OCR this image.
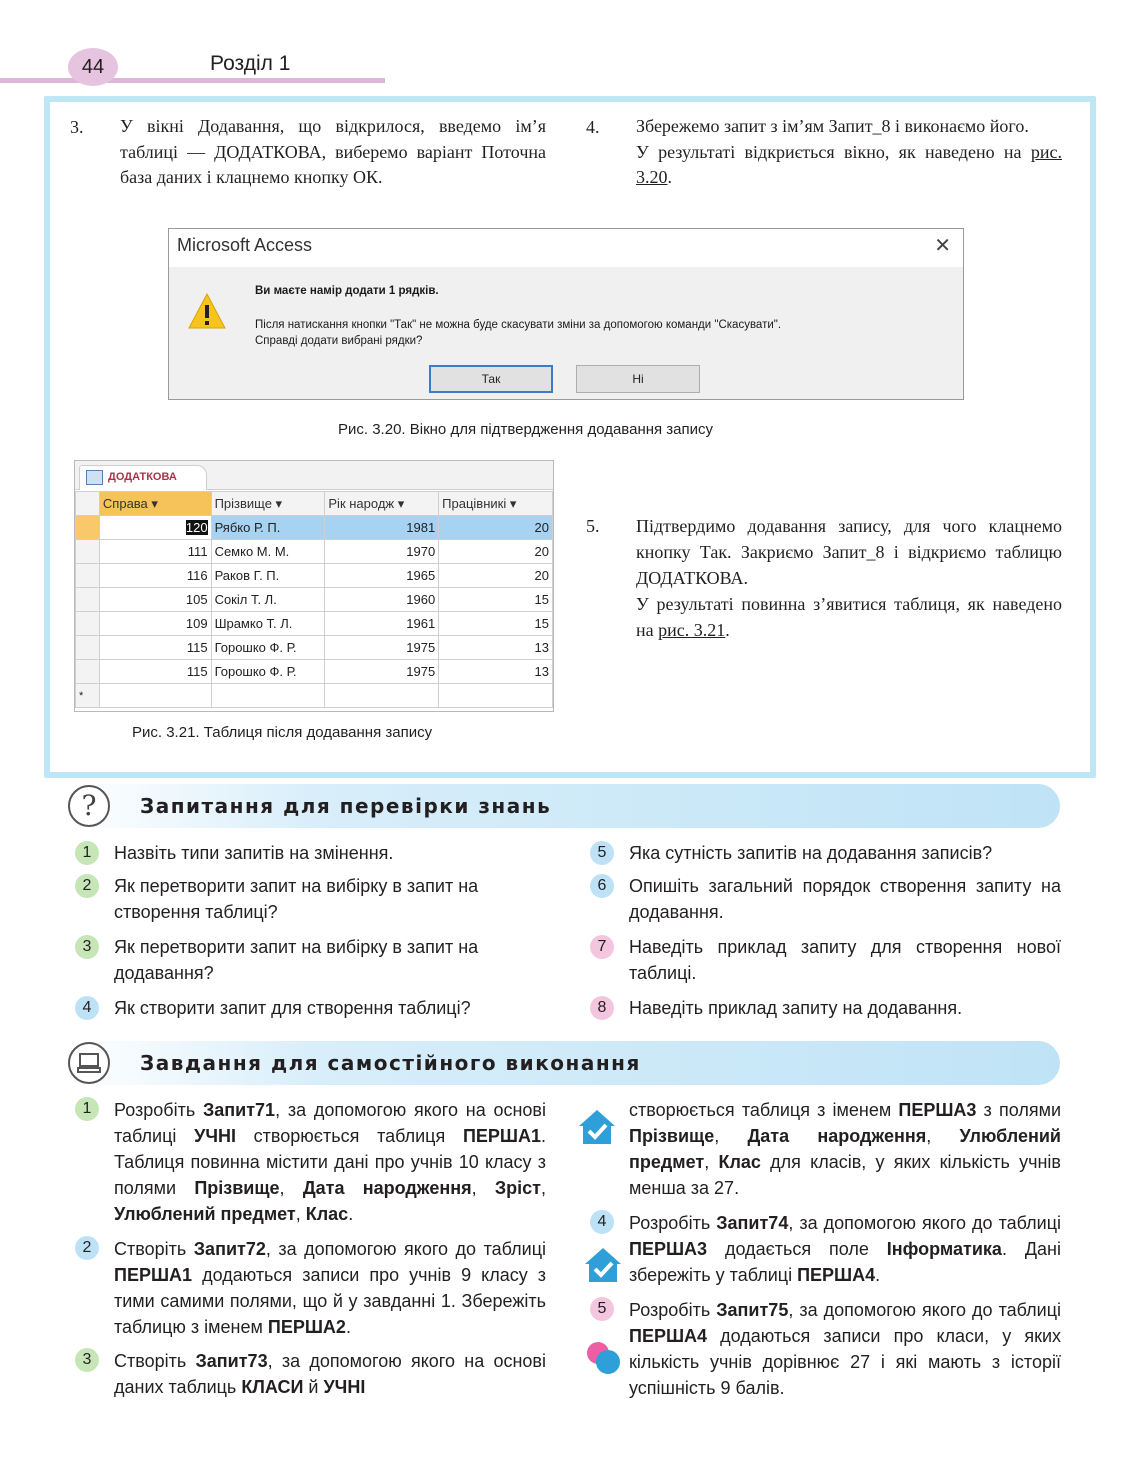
44	Розділ 1
3. У вікні Додавання, що відкрилося, введемо ім’я таблиці — ДОДАТКОВА, виберемо варіант Поточна база даних і клацнемо кнопку ОК.
4. Збережемо запит з ім’ям Запит_8 і виконаємо його.
У результаті відкриється вікно, як наведено на рис. 3.20.
Microsoft Access	✕
Ви маєте намір додати 1 рядків.
Після натискання кнопки "Так" не можна буде скасувати зміни за допомогою команди "Скасувати".
Справді додати вибрані рядки?
Так	Ні
Рис. 3.20. Вікно для підтвердження додавання запису
ДОДАТКОВА
	Справа ▾	Прізвище ▾	Рік народж ▾	Працівникі ▾
	120	Рябко Р. П.	1981	20
	111	Семко М. М.	1970	20
	116	Раков Г. П.	1965	20
	105	Сокіл Т. Л.	1960	15
	109	Шрамко Т. Л.	1961	15
	115	Горошко Ф. Р.	1975	13
	115	Горошко Ф. Р.	1975	13
*				
Рис. 3.21. Таблиця після додавання запису
5. Підтвердимо додавання запису, для чого клацнемо кнопку Так. Закриємо Запит_8 і відкриємо таблицю ДОДАТКОВА.
У результаті повинна з’явитися таблиця, як наведено на рис. 3.21.
?	Запитання для перевірки знань
1	Назвіть типи запитів на змінення.
2	Як перетворити запит на вибірку в запит на створення таблиці?
3	Як перетворити запит на вибірку в запит на додавання?
4	Як створити запит для створення таблиці?
5	Яка сутність запитів на додавання записів?
6	Опишіть загальний порядок створення запиту на додавання.
7	Наведіть приклад запиту для створення нової таблиці.
8	Наведіть приклад запиту на додавання.
Завдання для самостійного виконання
1	Розробіть Запит71, за допомогою якого на основі таблиці УЧНІ створюється таблиця ПЕРША1. Таблиця повинна містити дані про учнів 10 класу з полями Прізвище, Дата народження, Зріст, Улюблений предмет, Клас.
2	Створіть Запит72, за допомогою якого до таблиці ПЕРША1 додаються записи про учнів 9 класу з тими самими полями, що й у завданні 1. Збережіть таблицю з іменем ПЕРША2.
3	Створіть Запит73, за допомогою якого на основі даних таблиць КЛАСИ й УЧНІ
створюється таблиця з іменем ПЕРША3 з полями Прізвище, Дата народження, Улюблений предмет, Клас для класів, у яких кількість учнів менша за 27.
4	Розробіть Запит74, за допомогою якого до таблиці ПЕРША3 додається поле Інформатика. Дані збережіть у таблиці ПЕРША4.
5	Розробіть Запит75, за допомогою якого до таблиці ПЕРША4 додаються записи про класи, у яких кількість учнів дорівнює 27 і які мають з історії успішність 9 балів.
